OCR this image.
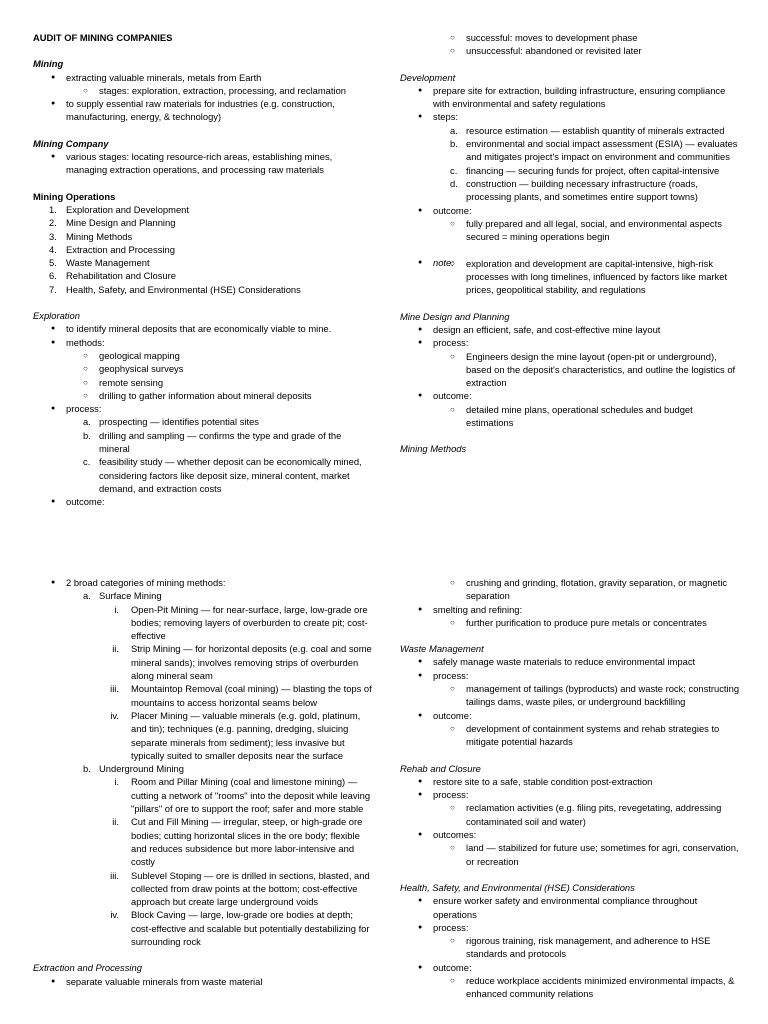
AUDIT OF MINING COMPANIES
Mining
● extracting valuable minerals, metals from Earth
○ stages: exploration, extraction, processing, and reclamation
● to supply essential raw materials for industries (e.g. construction, manufacturing, energy, & technology)
Mining Company
● various stages: locating resource-rich areas, establishing mines, managing extraction operations, and processing raw materials
Mining Operations
1. Exploration and Development
2. Mine Design and Planning
3. Mining Methods
4. Extraction and Processing
5. Waste Management
6. Rehabilitation and Closure
7. Health, Safety, and Environmental (HSE) Considerations
Exploration
● to identify mineral deposits that are economically viable to mine.
● methods:
○ geological mapping
○ geophysical surveys
○ remote sensing
○ drilling to gather information about mineral deposits
● process:
a. prospecting — identifies potential sites
b. drilling and sampling — confirms the type and grade of the mineral
c. feasibility study — whether deposit can be economically mined, considering factors like deposit size, mineral content, market demand, and extraction costs
● outcome:
○ successful: moves to development phase
○ unsuccessful: abandoned or revisited later
Development
● prepare site for extraction, building infrastructure, ensuring compliance with environmental and safety regulations
● steps:
a. resource estimation — establish quantity of minerals extracted
b. environmental and social impact assessment (ESIA) — evaluates and mitigates project's impact on environment and communities
c. financing — securing funds for project, often capital-intensive
d. construction — building necessary infrastructure (roads, processing plants, and sometimes entire support towns)
● outcome:
○ fully prepared and all legal, social, and environmental aspects secured = mining operations begin
● note:
○	exploration and development are capital-intensive, high-risk processes with long timelines, influenced by factors like market prices, geopolitical stability, and regulations
Mine Design and Planning
● design an efficient, safe, and cost-effective mine layout
● process:
○ Engineers design the mine layout (open-pit or underground), based on the deposit's characteristics, and outline the logistics of extraction
● outcome:
○ detailed mine plans, operational schedules and budget estimations
Mining Methods
● 2 broad categories of mining methods:
a. Surface Mining
i. Open-Pit Mining — for near-surface, large, low-grade ore bodies; removing layers of overburden to create pit; cost-effective
ii. Strip Mining — for horizontal deposits (e.g. coal and some mineral sands); involves removing strips of overburden along mineral seam
iii. Mountaintop Removal (coal mining) — blasting the tops of mountains to access horizontal seams below
iv. Placer Mining — valuable minerals (e.g. gold, platinum, and tin); techniques (e.g. panning, dredging, sluicing separate minerals from sediment); less invasive but typically suited to smaller deposits near the surface
b. Underground Mining
i. Room and Pillar Mining (coal and limestone mining) — cutting a network of "rooms" into the deposit while leaving "pillars" of ore to support the roof; safer and more stable
ii. Cut and Fill Mining — irregular, steep, or high-grade ore bodies; cutting horizontal slices in the ore body; flexible and reduces subsidence but more labor-intensive and costly
iii. Sublevel Stoping — ore is drilled in sections, blasted, and collected from draw points at the bottom; cost-effective approach but create large underground voids
iv. Block Caving — large, low-grade ore bodies at depth; cost-effective and scalable but potentially destabilizing for surrounding rock
Extraction and Processing
● separate valuable minerals from waste material
○ crushing and grinding, flotation, gravity separation, or magnetic separation
● smelting and refining:
○ further purification to produce pure metals or concentrates
Waste Management
● safely manage waste materials to reduce environmental impact
● process:
○ management of tailings (byproducts) and waste rock; constructing tailings dams, waste piles, or underground backfilling
● outcome:
○ development of containment systems and rehab strategies to mitigate potential hazards
Rehab and Closure
● restore site to a safe, stable condition post-extraction
● process:
○ reclamation activities (e.g. filing pits, revegetating, addressing contaminated soil and water)
● outcomes:
○ land — stabilized for future use; sometimes for agri, conservation, or recreation
Health, Safety, and Environmental (HSE) Considerations
● ensure worker safety and environmental compliance throughout operations
● process:
○ rigorous training, risk management, and adherence to HSE standards and protocols
● outcome:
○ reduce workplace accidents minimized environmental impacts, & enhanced community relations
